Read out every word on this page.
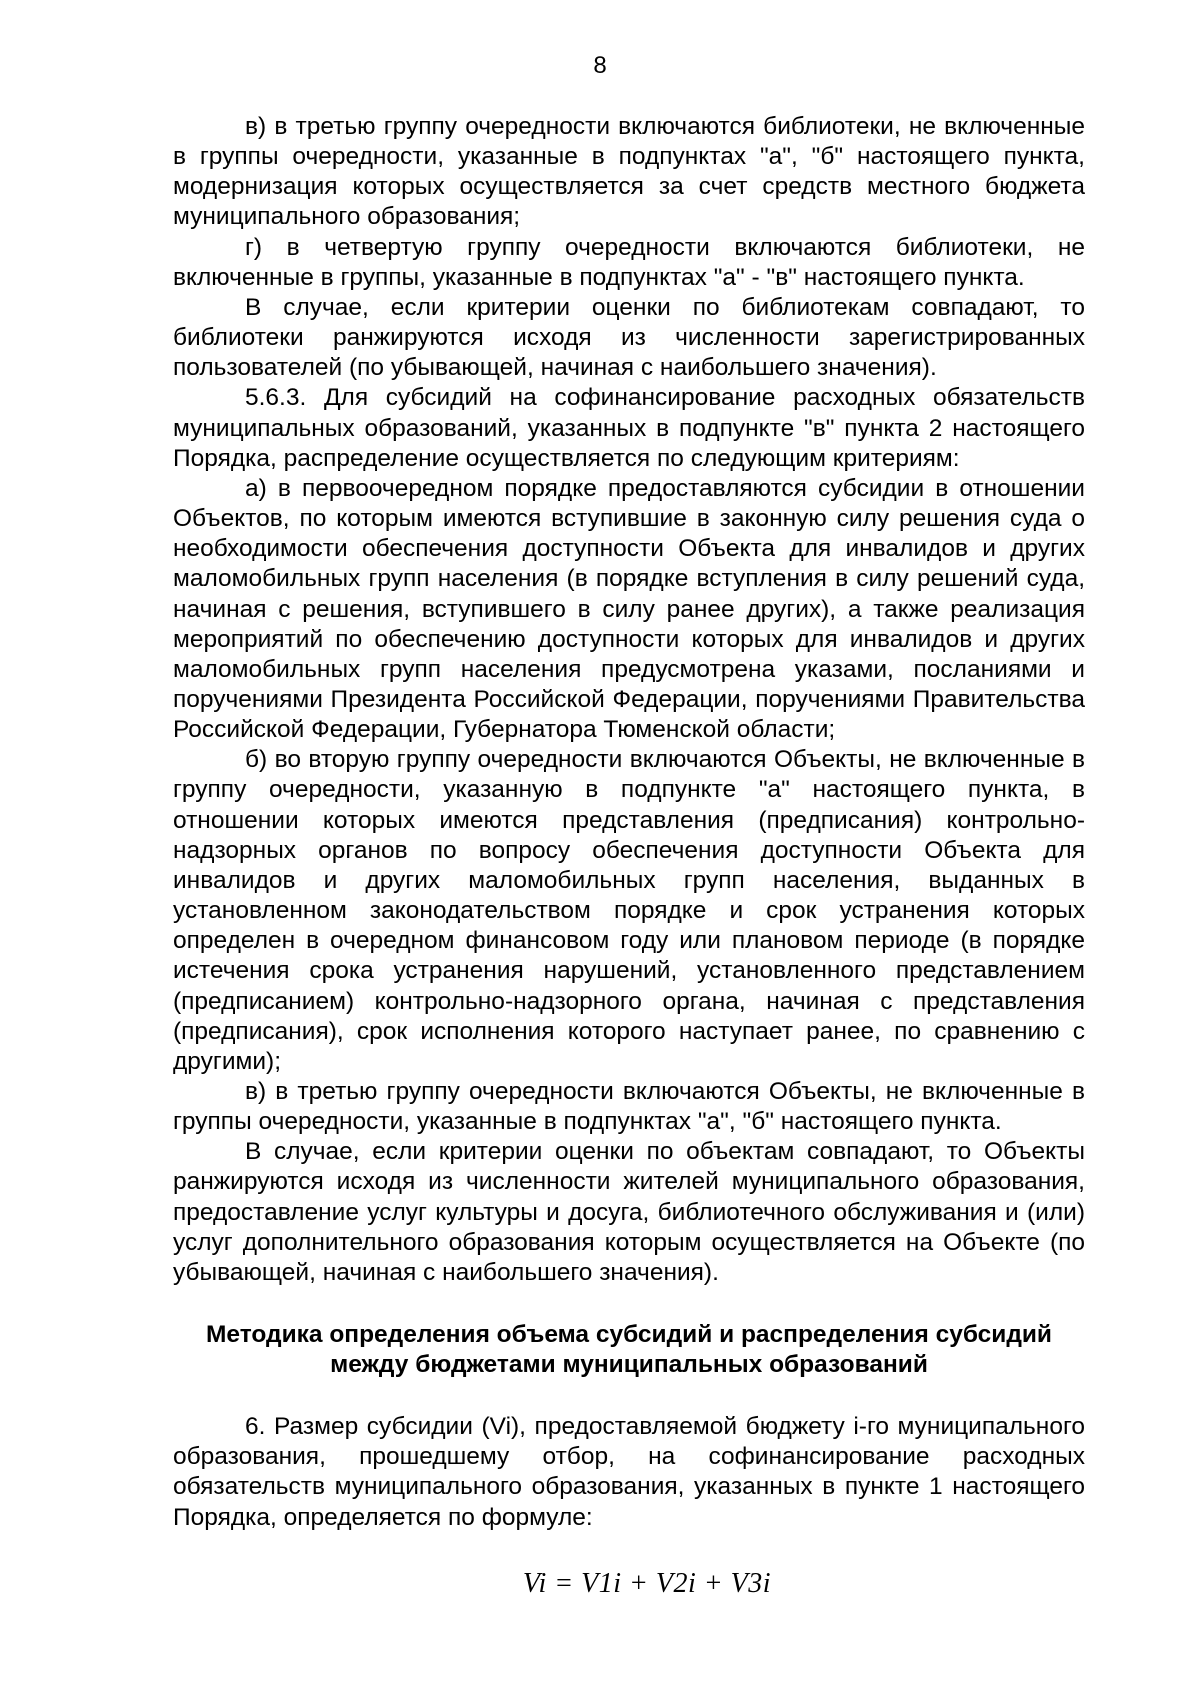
8

в) в третью группу очередности включаются библиотеки, не включенные в группы очередности, указанные в подпунктах "а", "б" настоящего пункта, модернизация которых осуществляется за счет средств местного бюджета муниципального образования;

г) в четвертую группу очередности включаются библиотеки, не включенные в группы, указанные в подпунктах "а" - "в" настоящего пункта.

В случае, если критерии оценки по библиотекам совпадают, то библиотеки ранжируются исходя из численности зарегистрированных пользователей (по убывающей, начиная с наибольшего значения).

5.6.3. Для субсидий на софинансирование расходных обязательств муниципальных образований, указанных в подпункте "в" пункта 2 настоящего Порядка, распределение осуществляется по следующим критериям:

а) в первоочередном порядке предоставляются субсидии в отношении Объектов, по которым имеются вступившие в законную силу решения суда о необходимости обеспечения доступности Объекта для инвалидов и других маломобильных групп населения (в порядке вступления в силу решений суда, начиная с решения, вступившего в силу ранее других), а также реализация мероприятий по обеспечению доступности которых для инвалидов и других маломобильных групп населения предусмотрена указами, посланиями и поручениями Президента Российской Федерации, поручениями Правительства Российской Федерации, Губернатора Тюменской области;

б) во вторую группу очередности включаются Объекты, не включенные в группу очередности, указанную в подпункте "а" настоящего пункта, в отношении которых имеются представления (предписания) контрольно-надзорных органов по вопросу обеспечения доступности Объекта для инвалидов и других маломобильных групп населения, выданных в установленном законодательством порядке и срок устранения которых определен в очередном финансовом году или плановом периоде (в порядке истечения срока устранения нарушений, установленного представлением (предписанием) контрольно-надзорного органа, начиная с представления (предписания), срок исполнения которого наступает ранее, по сравнению с другими);

в) в третью группу очередности включаются Объекты, не включенные в группы очередности, указанные в подпунктах "а", "б" настоящего пункта.

В случае, если критерии оценки по объектам совпадают, то Объекты ранжируются исходя из численности жителей муниципального образования, предоставление услуг культуры и досуга, библиотечного обслуживания и (или) услуг дополнительного образования которым осуществляется на Объекте (по убывающей, начиная с наибольшего значения).

Методика определения объема субсидий и распределения субсидий
между бюджетами муниципальных образований

6. Размер субсидии (Vi), предоставляемой бюджету i-го муниципального образования, прошедшему отбор, на софинансирование расходных обязательств муниципального образования, указанных в пункте 1 настоящего Порядка, определяется по формуле:

Vi = V1i + V2i + V3i
